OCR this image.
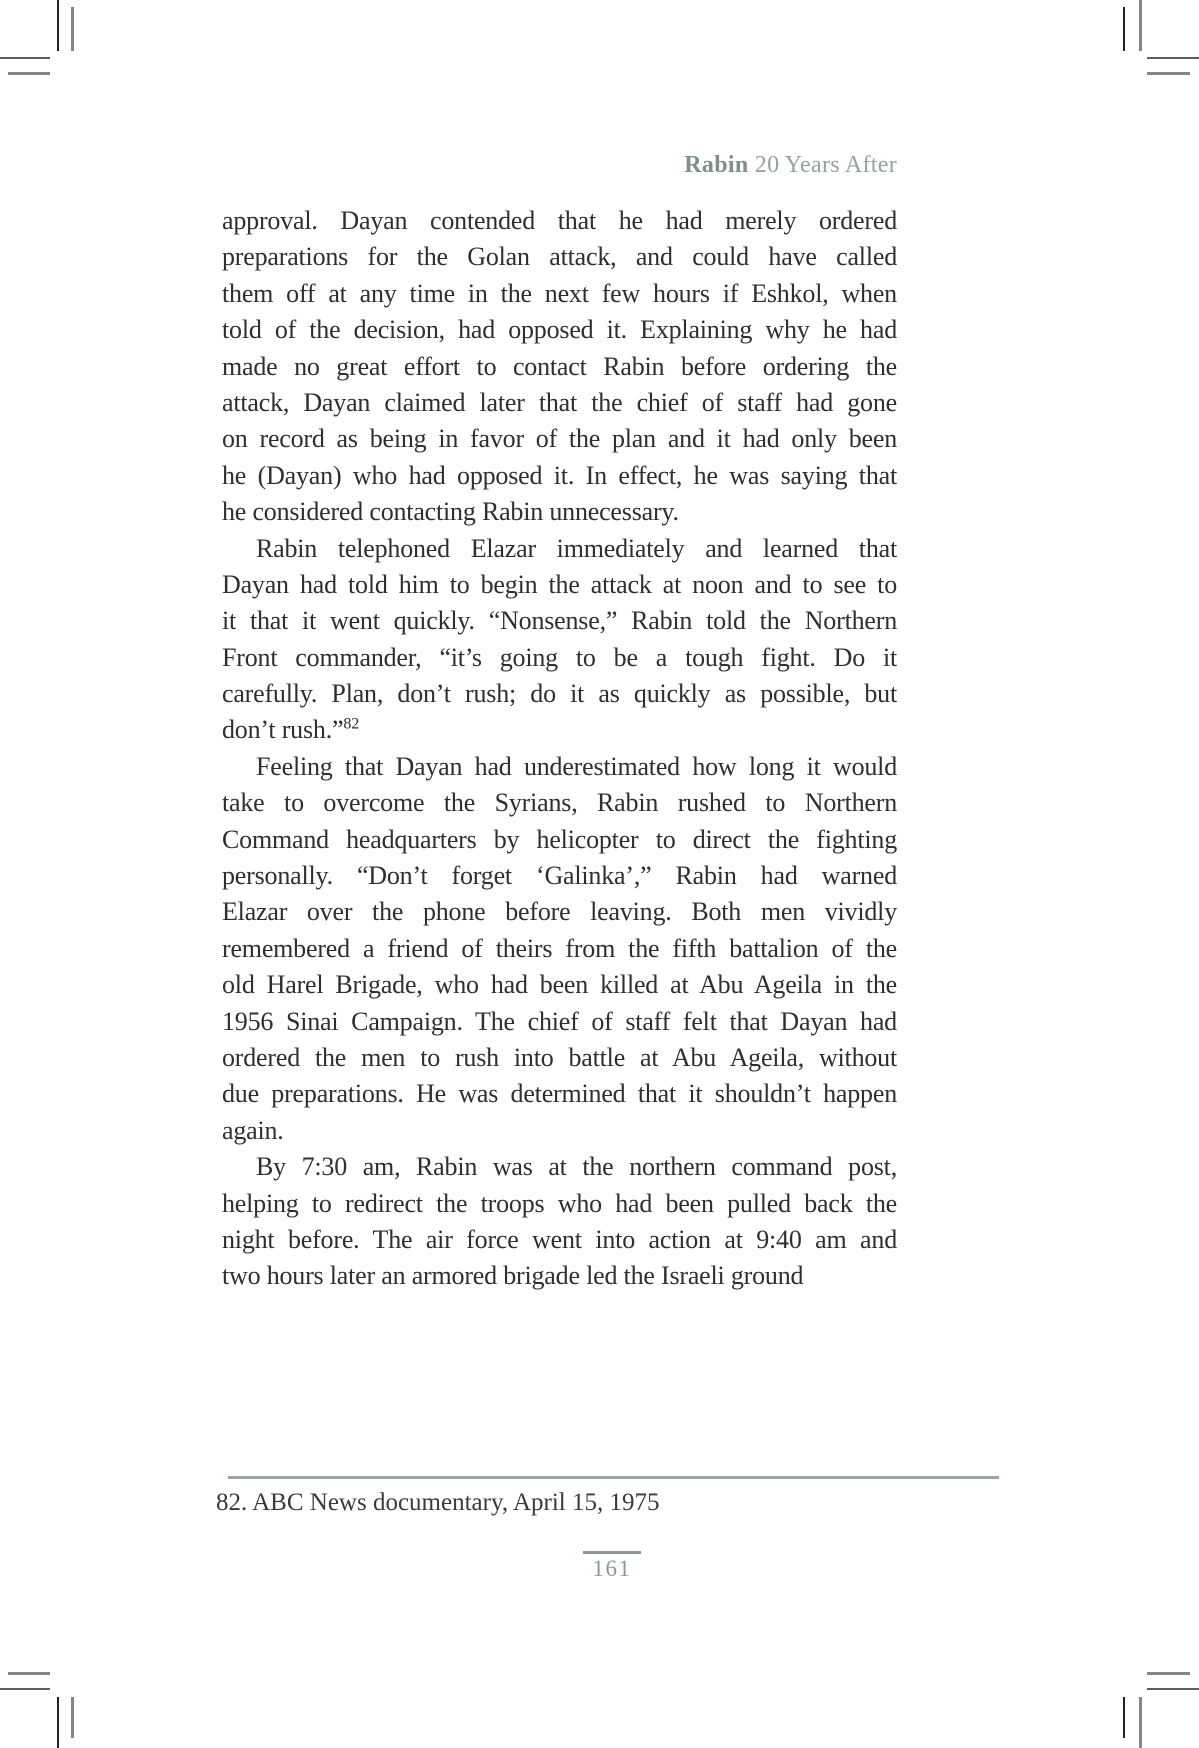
Rabin 20 Years After
approval. Dayan contended that he had merely ordered
preparations for the Golan attack, and could have called
them off at any time in the next few hours if Eshkol, when
told of the decision, had opposed it. Explaining why he had
made no great effort to contact Rabin before ordering the
attack, Dayan claimed later that the chief of staff had gone
on record as being in favor of the plan and it had only been
he (Dayan) who had opposed it. In effect, he was saying that
he considered contacting Rabin unnecessary.
Rabin telephoned Elazar immediately and learned that
Dayan had told him to begin the attack at noon and to see to
it that it went quickly. “Nonsense,” Rabin told the Northern
Front commander, “it’s going to be a tough fight. Do it
carefully. Plan, don’t rush; do it as quickly as possible, but
don’t rush.”$^{82}$
Feeling that Dayan had underestimated how long it would
take to overcome the Syrians, Rabin rushed to Northern
Command headquarters by helicopter to direct the fighting
personally. “Don’t forget ‘Galinka’,” Rabin had warned
Elazar over the phone before leaving. Both men vividly
remembered a friend of theirs from the fifth battalion of the
old Harel Brigade, who had been killed at Abu Ageila in the
1956 Sinai Campaign. The chief of staff felt that Dayan had
ordered the men to rush into battle at Abu Ageila, without
due preparations. He was determined that it shouldn’t happen
again.
By 7:30 am, Rabin was at the northern command post,
helping to redirect the troops who had been pulled back the
night before. The air force went into action at 9:40 am and
two hours later an armored brigade led the Israeli ground
82. ABC News documentary, April 15, 1975
161
